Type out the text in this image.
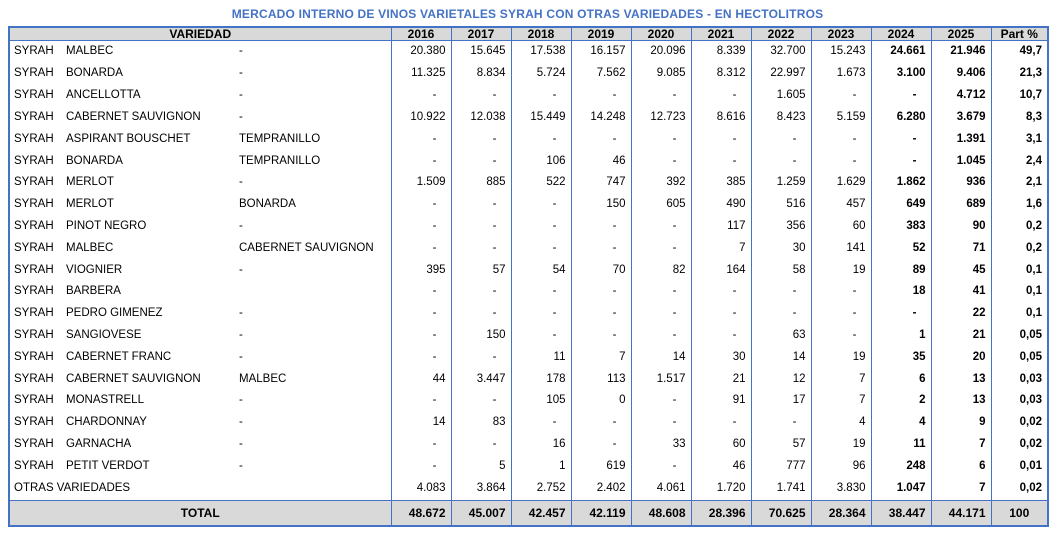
MERCADO INTERNO DE VINOS VARIETALES SYRAH CON OTRAS VARIEDADES - EN HECTOLITROS
VARIEDAD			2016	2017	2018	2019	2020	2021	2022	2023	2024	2025	Part %
SYRAH	MALBEC	-	20.380	15.645	17.538	16.157	20.096	8.339	32.700	15.243	24.661	21.946	49,7
SYRAH	BONARDA	-	11.325	8.834	5.724	7.562	9.085	8.312	22.997	1.673	3.100	9.406	21,3
SYRAH	ANCELLOTTA	-	-	-	-	-	-	-	1.605	-	-	4.712	10,7
SYRAH	CABERNET SAUVIGNON	-	10.922	12.038	15.449	14.248	12.723	8.616	8.423	5.159	6.280	3.679	8,3
SYRAH	ASPIRANT BOUSCHET	TEMPRANILLO	-	-	-	-	-	-	-	-	-	1.391	3,1
SYRAH	BONARDA	TEMPRANILLO	-	-	106	46	-	-	-	-	-	1.045	2,4
SYRAH	MERLOT	-	1.509	885	522	747	392	385	1.259	1.629	1.862	936	2,1
SYRAH	MERLOT	BONARDA	-	-	-	150	605	490	516	457	649	689	1,6
SYRAH	PINOT NEGRO	-	-	-	-	-	-	117	356	60	383	90	0,2
SYRAH	MALBEC	CABERNET SAUVIGNON	-	-	-	-	-	7	30	141	52	71	0,2
SYRAH	VIOGNIER	-	395	57	54	70	82	164	58	19	89	45	0,1
SYRAH	BARBERA		-	-	-	-	-	-	-	-	18	41	0,1
SYRAH	PEDRO GIMENEZ	-	-	-	-	-	-	-	-	-	-	22	0,1
SYRAH	SANGIOVESE	-	-	150	-	-	-	-	63	-	1	21	0,05
SYRAH	CABERNET FRANC	-	-	-	11	7	14	30	14	19	35	20	0,05
SYRAH	CABERNET SAUVIGNON	MALBEC	44	3.447	178	113	1.517	21	12	7	6	13	0,03
SYRAH	MONASTRELL	-	-	-	105	0	-	91	17	7	2	13	0,03
SYRAH	CHARDONNAY	-	14	83	-	-	-	-	-	4	4	9	0,02
SYRAH	GARNACHA	-	-	-	16	-	33	60	57	19	11	7	0,02
SYRAH	PETIT VERDOT	-	-	5	1	619	-	46	777	96	248	6	0,01
OTRAS VARIEDADES			4.083	3.864	2.752	2.402	4.061	1.720	1.741	3.830	1.047	7	0,02
TOTAL			48.672	45.007	42.457	42.119	48.608	28.396	70.625	28.364	38.447	44.171	100
